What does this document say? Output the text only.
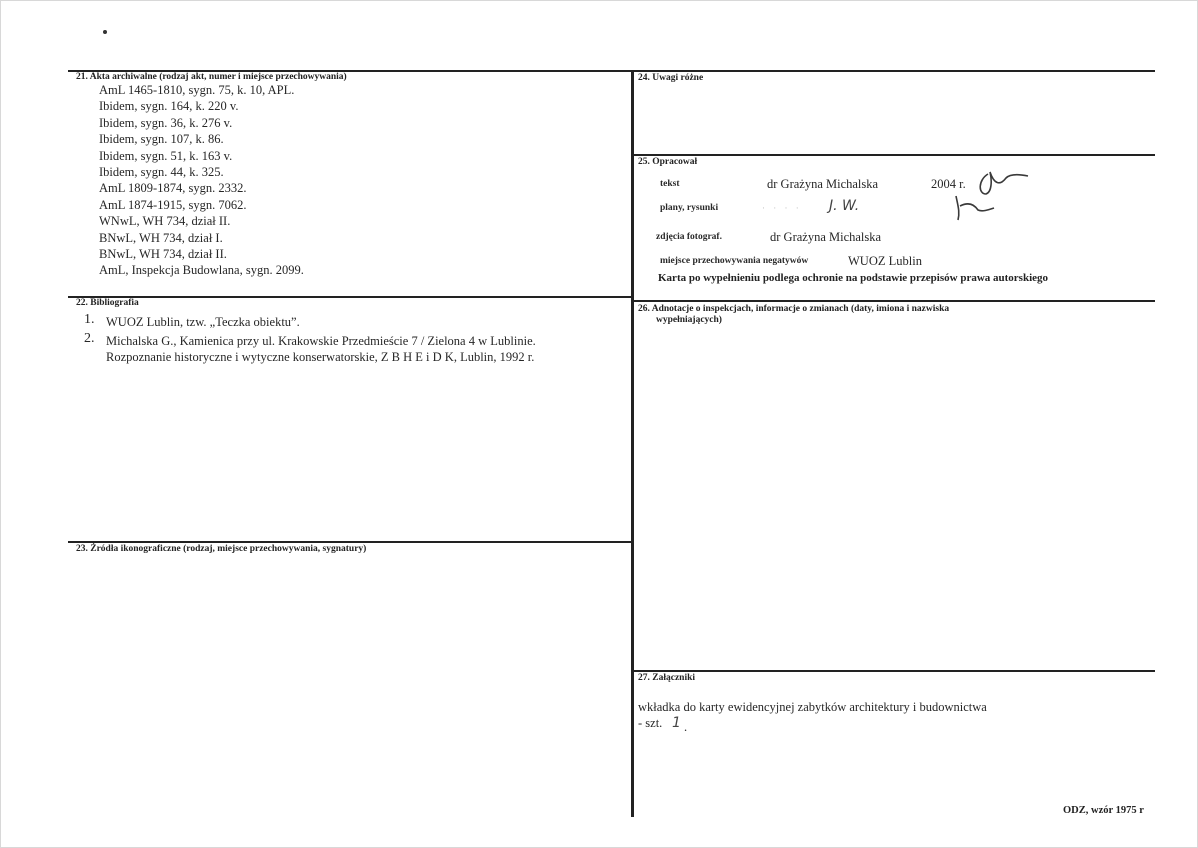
21. Akta archiwalne (rodzaj akt, numer i miejsce przechowywania)
AmL 1465-1810, sygn. 75, k. 10, APL.
Ibidem, sygn. 164, k. 220 v.
Ibidem, sygn. 36, k. 276 v.
Ibidem, sygn. 107, k. 86.
Ibidem, sygn. 51, k. 163 v.
Ibidem, sygn. 44, k. 325.
AmL 1809-1874, sygn. 2332.
AmL 1874-1915, sygn. 7062.
WNwL, WH 734, dział II.
BNwL, WH 734, dział I.
BNwL, WH 734, dział II.
AmL, Inspekcja Budowlana, sygn. 2099.
22. Bibliografia
1. WUOZ Lublin, tzw. „Teczka obiektu”.
2. Michalska G., Kamienica przy ul. Krakowskie Przedmieście 7 / Zielona 4 w Lublinie.
Rozpoznanie historyczne i wytyczne konserwatorskie, Z B H E i D K, Lublin, 1992 r.
23. Źródła ikonograficzne (rodzaj, miejsce przechowywania, sygnatury)
24. Uwagi różne
25. Opracował
tekst	dr Grażyna Michalska	2004 r.
plany, rysunki	· · · · J. W.
zdjęcia fotograf.	dr Grażyna Michalska
miejsce przechowywania negatywów	WUOZ Lublin
Karta po wypełnieniu podlega ochronie na podstawie przepisów prawa autorskiego
26. Adnotacje o inspekcjach, informacje o zmianach (daty, imiona i nazwiska
wypełniających)
27. Załączniki
wkładka do karty ewidencyjnej zabytków architektury i budownictwa
- szt. 1 .
ODZ, wzór 1975 r
